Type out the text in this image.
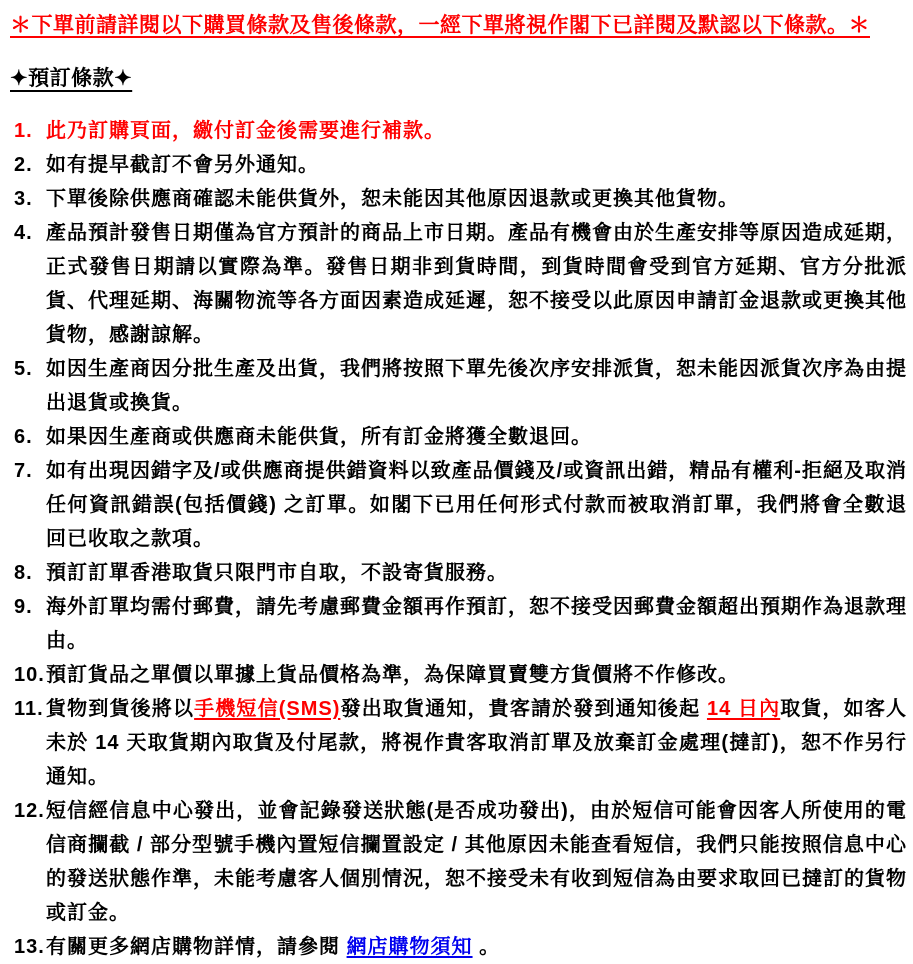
＊下單前請詳閱以下購買條款及售後條款，一經下單將視作閣下已詳閱及默認以下條款。＊
✦預訂條款✦
1. 此乃訂購頁面，繳付訂金後需要進行補款。
2. 如有提早截訂不會另外通知。
3. 下單後除供應商確認未能供貨外，恕未能因其他原因退款或更換其他貨物。
4. 產品預計發售日期僅為官方預計的商品上市日期。產品有機會由於生產安排等原因造成延期，正式發售日期請以實際為準。發售日期非到貨時間，到貨時間會受到官方延期、官方分批派貨、代理延期、海關物流等各方面因素造成延遲，恕不接受以此原因申請訂金退款或更換其他貨物，感謝諒解。
5. 如因生產商因分批生產及出貨，我們將按照下單先後次序安排派貨，恕未能因派貨次序為由提出退貨或換貨。
6. 如果因生產商或供應商未能供貨，所有訂金將獲全數退回。
7. 如有出現因錯字及/或供應商提供錯資料以致產品價錢及/或資訊出錯，精品有權利-拒絕及取消任何資訊錯誤(包括價錢) 之訂單。如閣下已用任何形式付款而被取消訂單，我們將會全數退回已收取之款項。
8. 預訂訂單香港取貨只限門市自取，不設寄貨服務。
9. 海外訂單均需付郵費，請先考慮郵費金額再作預訂，恕不接受因郵費金額超出預期作為退款理由。
10. 預訂貨品之單價以單據上貨品價格為準，為保障買賣雙方貨價將不作修改。
11. 貨物到貨後將以手機短信(SMS)發出取貨通知，貴客請於發到通知後起 14 日內取貨，如客人未於 14 天取貨期內取貨及付尾款，將視作貴客取消訂單及放棄訂金處理(撻訂)，恕不作另行通知。
12. 短信經信息中心發出，並會記錄發送狀態(是否成功發出)，由於短信可能會因客人所使用的電信商攔截 / 部分型號手機內置短信攔置設定 / 其他原因未能查看短信，我們只能按照信息中心的發送狀態作準，未能考慮客人個別情況，恕不接受未有收到短信為由要求取回已撻訂的貨物或訂金。
13. 有關更多網店購物詳情，請參閱 網店購物須知 。
